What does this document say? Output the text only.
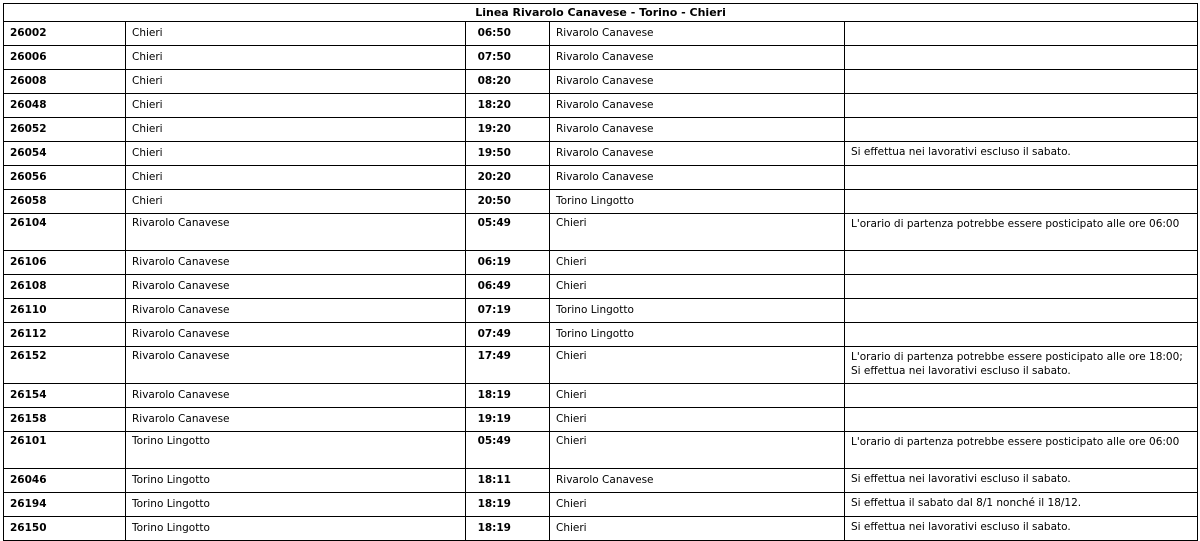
Linea Rivarolo Canavese - Torino - Chieri				
26002	Chieri	06:50	Rivarolo Canavese	
26006	Chieri	07:50	Rivarolo Canavese	
26008	Chieri	08:20	Rivarolo Canavese	
26048	Chieri	18:20	Rivarolo Canavese	
26052	Chieri	19:20	Rivarolo Canavese	
26054	Chieri	19:50	Rivarolo Canavese	Si effettua nei lavorativi escluso il sabato.
26056	Chieri	20:20	Rivarolo Canavese	
26058	Chieri	20:50	Torino Lingotto	
26104	Rivarolo Canavese	05:49	Chieri	L'orario di partenza potrebbe essere posticipato alle ore 06:00
26106	Rivarolo Canavese	06:19	Chieri	
26108	Rivarolo Canavese	06:49	Chieri	
26110	Rivarolo Canavese	07:19	Torino Lingotto	
26112	Rivarolo Canavese	07:49	Torino Lingotto	
26152	Rivarolo Canavese	17:49	Chieri	L'orario di partenza potrebbe essere posticipato alle ore 18:00; Si effettua nei lavorativi escluso il sabato.
26154	Rivarolo Canavese	18:19	Chieri	
26158	Rivarolo Canavese	19:19	Chieri	
26101	Torino Lingotto	05:49	Chieri	L'orario di partenza potrebbe essere posticipato alle ore 06:00
26046	Torino Lingotto	18:11	Rivarolo Canavese	Si effettua nei lavorativi escluso il sabato.
26194	Torino Lingotto	18:19	Chieri	Si effettua il sabato dal 8/1 nonché il 18/12.
26150	Torino Lingotto	18:19	Chieri	Si effettua nei lavorativi escluso il sabato.
